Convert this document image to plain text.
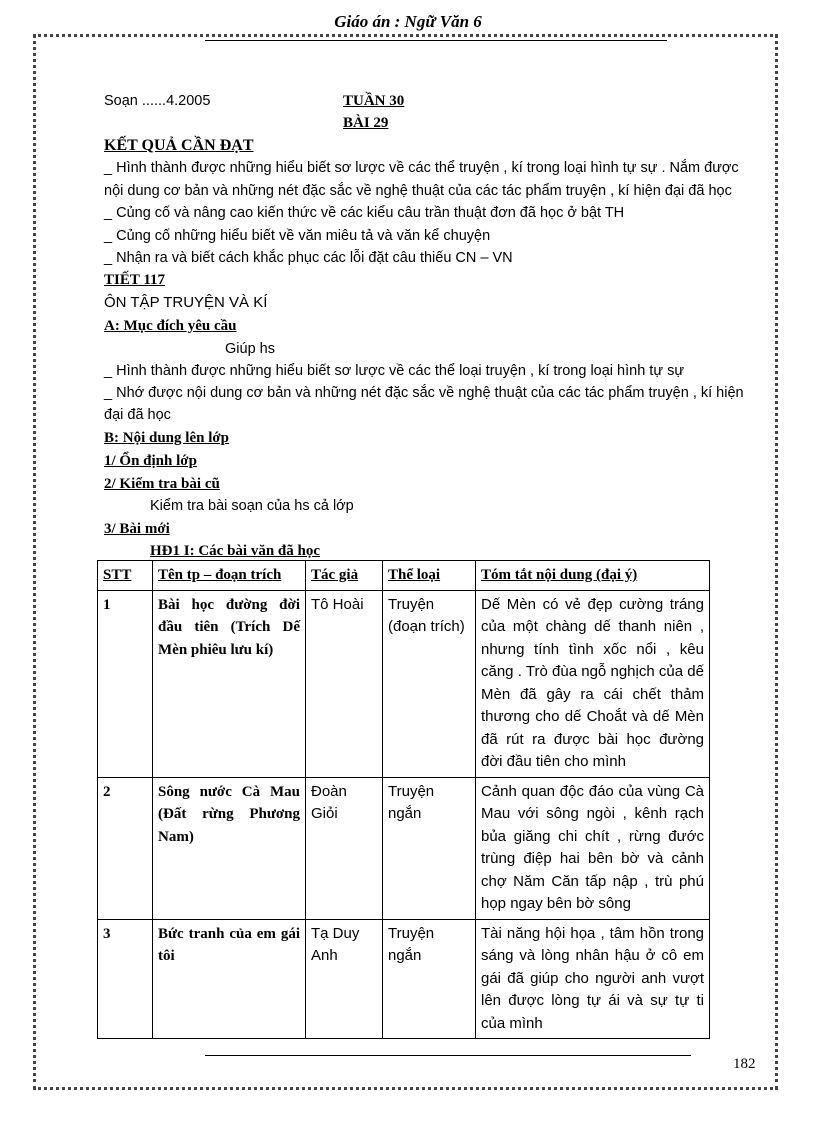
Giáo án : Ngữ Văn 6
Soạn ......4.2005	TUẦN 30
BÀI 29
KẾT QUẢ CẦN ĐẠT
_ Hình thành được những hiểu biết sơ lược về các thể truyện , kí trong loại hình tự sự . Nắm được
nội dung cơ bản và những nét đặc sắc về nghệ thuật của các tác phẩm truyện , kí hiện đại đã học
_ Củng cố và nâng cao kiến thức về các kiểu câu trần thuật đơn đã học ở bật TH
_ Củng cố những hiểu biết về văn miêu tả và văn kể chuyện
_ Nhận ra và biết cách khắc phục các lỗi đặt câu thiếu CN – VN
TIẾT 117
ÔN TẬP TRUYỆN VÀ KÍ
A: Mục đích yêu cầu
Giúp hs
_ Hình thành được những hiểu biết sơ lược về các thể loại truyện , kí trong loại hình tự sự
_ Nhớ được nội dung cơ bản và những nét đặc sắc về nghệ thuật của các tác phẩm truyện , kí hiện
đại đã học
B: Nội dung lên lớp
1/ Ổn định lớp
2/ Kiểm tra bài cũ
Kiểm tra bài soạn của hs cả lớp
3/ Bài mới
HĐ1 I: Các bài văn đã học
STT	Tên tp – đoạn trích	Tác giả	Thể loại	Tóm tắt nội dung (đại ý)
1	Bài học đường đời đầu tiên (Trích Dế Mèn phiêu lưu kí)	Tô Hoài	Truyện (đoạn trích)	Dế Mèn có vẻ đẹp cường tráng của một chàng dế thanh niên , nhưng tính tình xốc nổi , kêu căng . Trò đùa ngỗ nghịch của dế Mèn đã gây ra cái chết thảm thương cho dế Choắt và dế Mèn đã rút ra được bài học đường đời đầu tiên cho mình
2	Sông nước Cà Mau (Đất rừng Phương Nam)	Đoàn Giỏi	Truyện ngắn	Cảnh quan độc đáo của vùng Cà Mau với sông ngòi , kênh rạch bủa giăng chi chít , rừng đước trùng điệp hai bên bờ và cảnh chợ Năm Căn tấp nập , trù phú họp ngay bên bờ sông
3	Bức tranh của em gái tôi	Tạ Duy Anh	Truyện ngắn	Tài năng hội họa , tâm hồn trong sáng và lòng nhân hậu ở cô em gái đã giúp cho người anh vượt lên được lòng tự ái và sự tự ti của mình
182
